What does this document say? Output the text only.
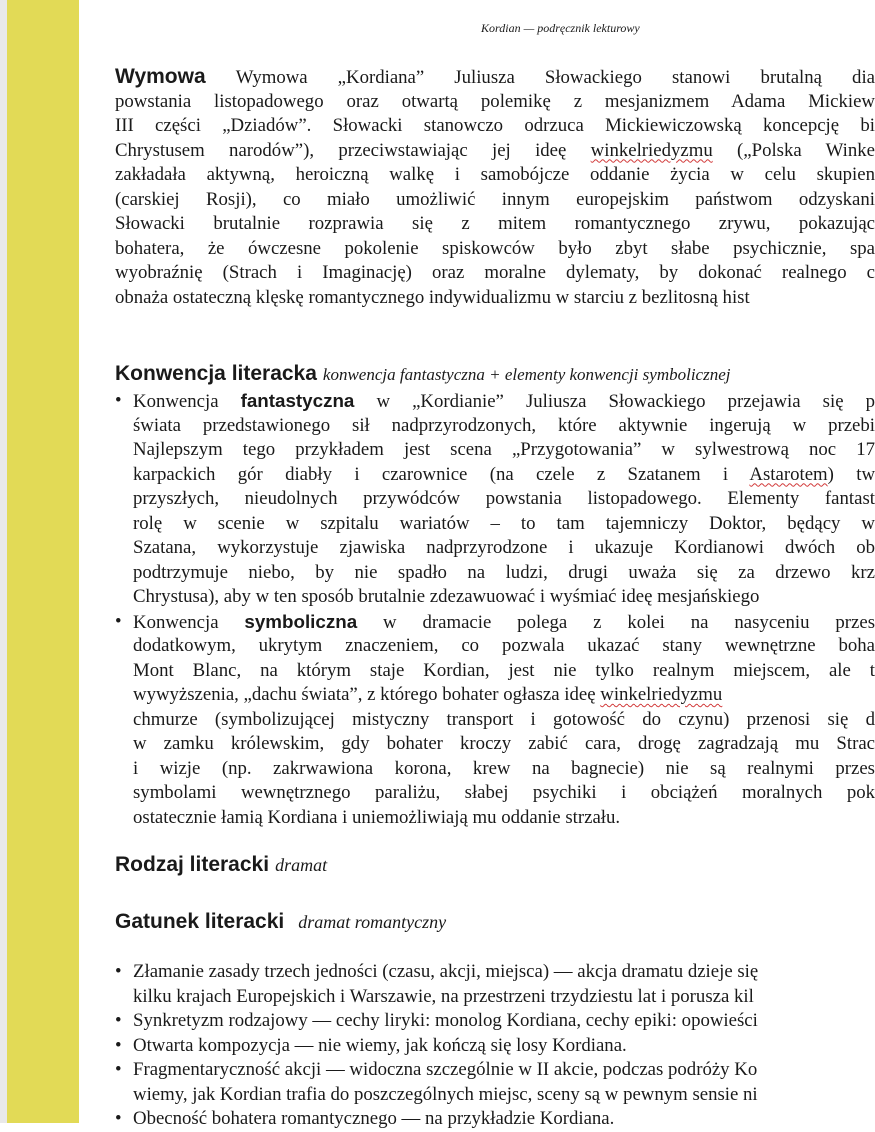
Kordian — podręcznik lekturowy
Wymowa Wymowa „Kordiana” Juliusza Słowackiego stanowi brutalną dia
powstania listopadowego oraz otwartą polemikę z mesjanizmem Adama Mickiew
III części „Dziadów”. Słowacki stanowczo odrzuca Mickiewiczowską koncepcję bi
Chrystusem narodów”), przeciwstawiając jej ideę winkelriedyzmu („Polska Winke
zakładała aktywną, heroiczną walkę i samobójcze oddanie życia w celu skupien
(carskiej Rosji), co miało umożliwić innym europejskim państwom odzyskani
Słowacki brutalnie rozprawia się z mitem romantycznego zrywu, pokazując
bohatera, że ówczesne pokolenie spiskowców było zbyt słabe psychicznie, spa
wyobraźnię (Strach i Imaginację) oraz moralne dylematy, by dokonać realnego c
obnaża ostateczną klęskę romantycznego indywidualizmu w starciu z bezlitosną hist
Konwencja literacka konwencja fantastyczna + elementy konwencji symbolicznej
• Konwencja fantastyczna w „Kordianie” Juliusza Słowackiego przejawia się p
świata przedstawionego sił nadprzyrodzonych, które aktywnie ingerują w przebi
Najlepszym tego przykładem jest scena „Przygotowania” w sylwestrową noc 17
karpackich gór diabły i czarownice (na czele z Szatanem i Astarotem) tw
przyszłych, nieudolnych przywódców powstania listopadowego. Elementy fantast
rolę w scenie w szpitalu wariatów – to tam tajemniczy Doktor, będący w
Szatana, wykorzystuje zjawiska nadprzyrodzone i ukazuje Kordianowi dwóch ob
podtrzymuje niebo, by nie spadło na ludzi, drugi uważa się za drzewo krz
Chrystusa), aby w ten sposób brutalnie zdezawuować i wyśmiać ideę mesjańskiego
• Konwencja symboliczna w dramacie polega z kolei na nasyceniu przes
dodatkowym, ukrytym znaczeniem, co pozwala ukazać stany wewnętrzne boha
Mont Blanc, na którym staje Kordian, jest nie tylko realnym miejscem, ale t
wywyższenia, „dachu świata”, z którego bohater ogłasza ideę winkelriedyzmu
chmurze (symbolizującej mistyczny transport i gotowość do czynu) przenosi się d
w zamku królewskim, gdy bohater kroczy zabić cara, drogę zagradzają mu Strac
i wizje (np. zakrwawiona korona, krew na bagnecie) nie są realnymi przes
symbolami wewnętrznego paraliżu, słabej psychiki i obciążeń moralnych pok
ostatecznie łamią Kordiana i uniemożliwiają mu oddanie strzału.
Rodzaj literacki dramat
Gatunek literacki dramat romantyczny
• Złamanie zasady trzech jedności (czasu, akcji, miejsca) — akcja dramatu dzieje się
kilku krajach Europejskich i Warszawie, na przestrzeni trzydziestu lat i porusza kil
• Synkretyzm rodzajowy — cechy liryki: monolog Kordiana, cechy epiki: opowieści
• Otwarta kompozycja — nie wiemy, jak kończą się losy Kordiana.
• Fragmentaryczność akcji — widoczna szczególnie w II akcie, podczas podróży Ko
wiemy, jak Kordian trafia do poszczególnych miejsc, sceny są w pewnym sensie ni
• Obecność bohatera romantycznego — na przykładzie Kordiana.
